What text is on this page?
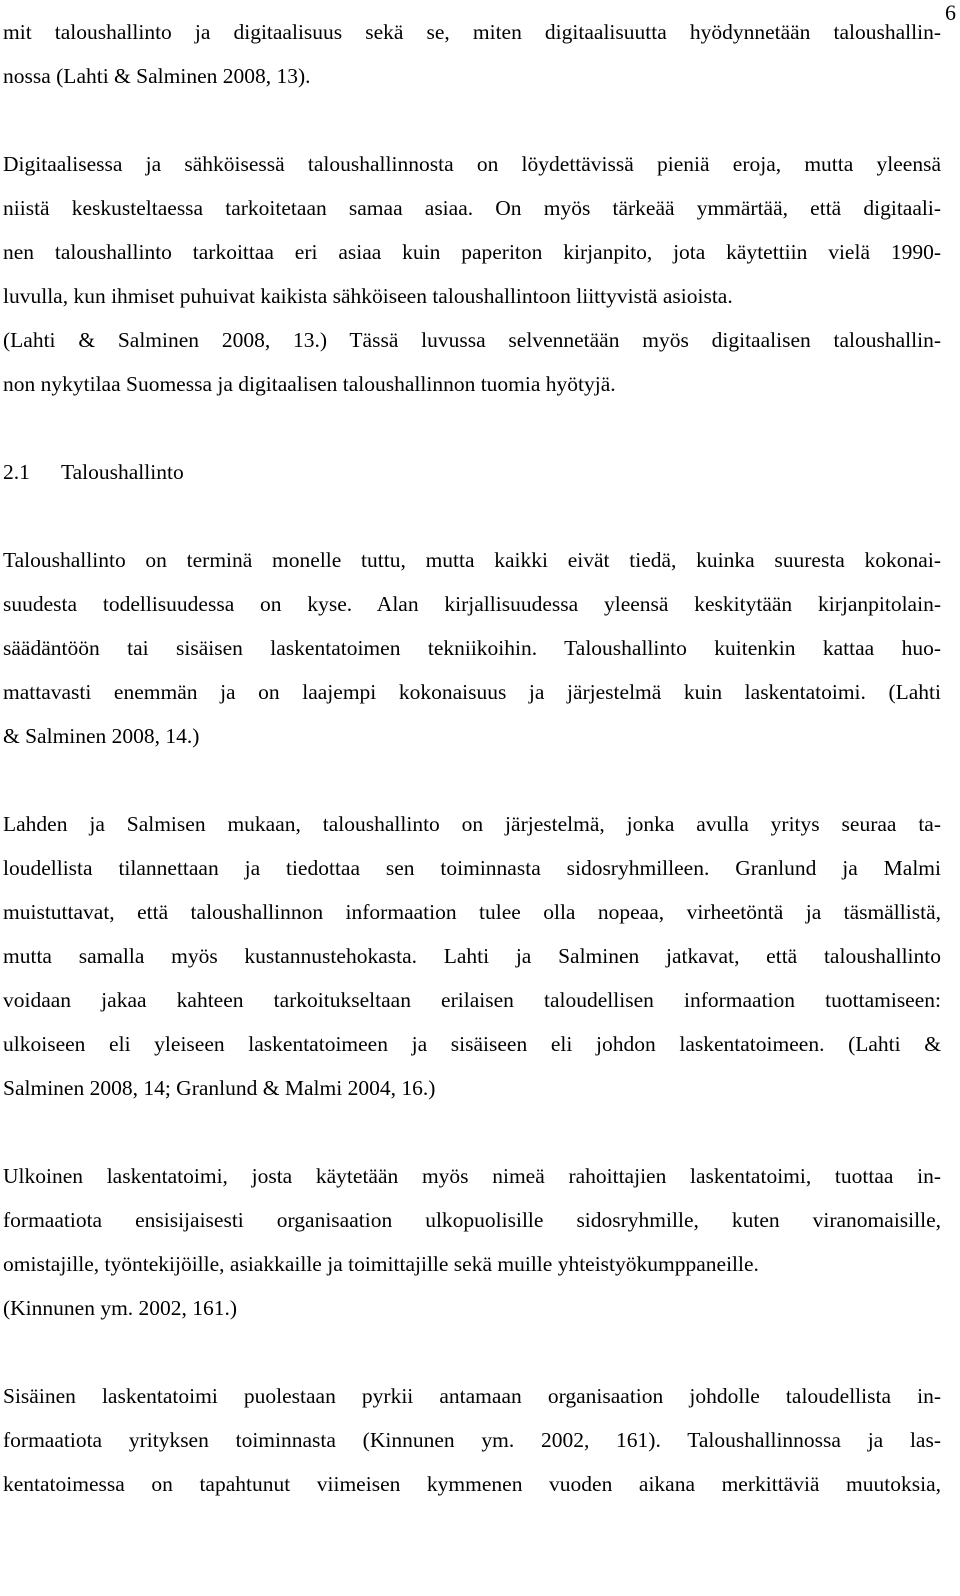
6
mit taloushallinto ja digitaalisuus sekä se, miten digitaalisuutta hyödynnetään taloushallin-
nossa (Lahti & Salminen 2008, 13).
Digitaalisessa ja sähköisessä taloushallinnosta on löydettävissä pieniä eroja, mutta yleensä
niistä keskusteltaessa tarkoitetaan samaa asiaa. On myös tärkeää ymmärtää, että digitaali-
nen taloushallinto tarkoittaa eri asiaa kuin paperiton kirjanpito, jota käytettiin vielä 1990-
luvulla, kun ihmiset puhuivat kaikista sähköiseen taloushallintoon liittyvistä asioista.
(Lahti & Salminen 2008, 13.) Tässä luvussa selvennetään myös digitaalisen taloushallin-
non nykytilaa Suomessa ja digitaalisen taloushallinnon tuomia hyötyjä.
2.1 Taloushallinto
Taloushallinto on terminä monelle tuttu, mutta kaikki eivät tiedä, kuinka suuresta kokonai-
suudesta todellisuudessa on kyse. Alan kirjallisuudessa yleensä keskitytään kirjanpitolain-
säädäntöön tai sisäisen laskentatoimen tekniikoihin. Taloushallinto kuitenkin kattaa huo-
mattavasti enemmän ja on laajempi kokonaisuus ja järjestelmä kuin laskentatoimi. (Lahti
& Salminen 2008, 14.)
Lahden ja Salmisen mukaan, taloushallinto on järjestelmä, jonka avulla yritys seuraa ta-
loudellista tilannettaan ja tiedottaa sen toiminnasta sidosryhmilleen. Granlund ja Malmi
muistuttavat, että taloushallinnon informaation tulee olla nopeaa, virheetöntä ja täsmällistä,
mutta samalla myös kustannustehokasta. Lahti ja Salminen jatkavat, että taloushallinto
voidaan jakaa kahteen tarkoitukseltaan erilaisen taloudellisen informaation tuottamiseen:
ulkoiseen eli yleiseen laskentatoimeen ja sisäiseen eli johdon laskentatoimeen. (Lahti &
Salminen 2008, 14; Granlund & Malmi 2004, 16.)
Ulkoinen laskentatoimi, josta käytetään myös nimeä rahoittajien laskentatoimi, tuottaa in-
formaatiota ensisijaisesti organisaation ulkopuolisille sidosryhmille, kuten viranomaisille,
omistajille, työntekijöille, asiakkaille ja toimittajille sekä muille yhteistyökumppaneille.
(Kinnunen ym. 2002, 161.)
Sisäinen laskentatoimi puolestaan pyrkii antamaan organisaation johdolle taloudellista in-
formaatiota yrityksen toiminnasta (Kinnunen ym. 2002, 161). Taloushallinnossa ja las-
kentatoimessa on tapahtunut viimeisen kymmenen vuoden aikana merkittäviä muutoksia,
